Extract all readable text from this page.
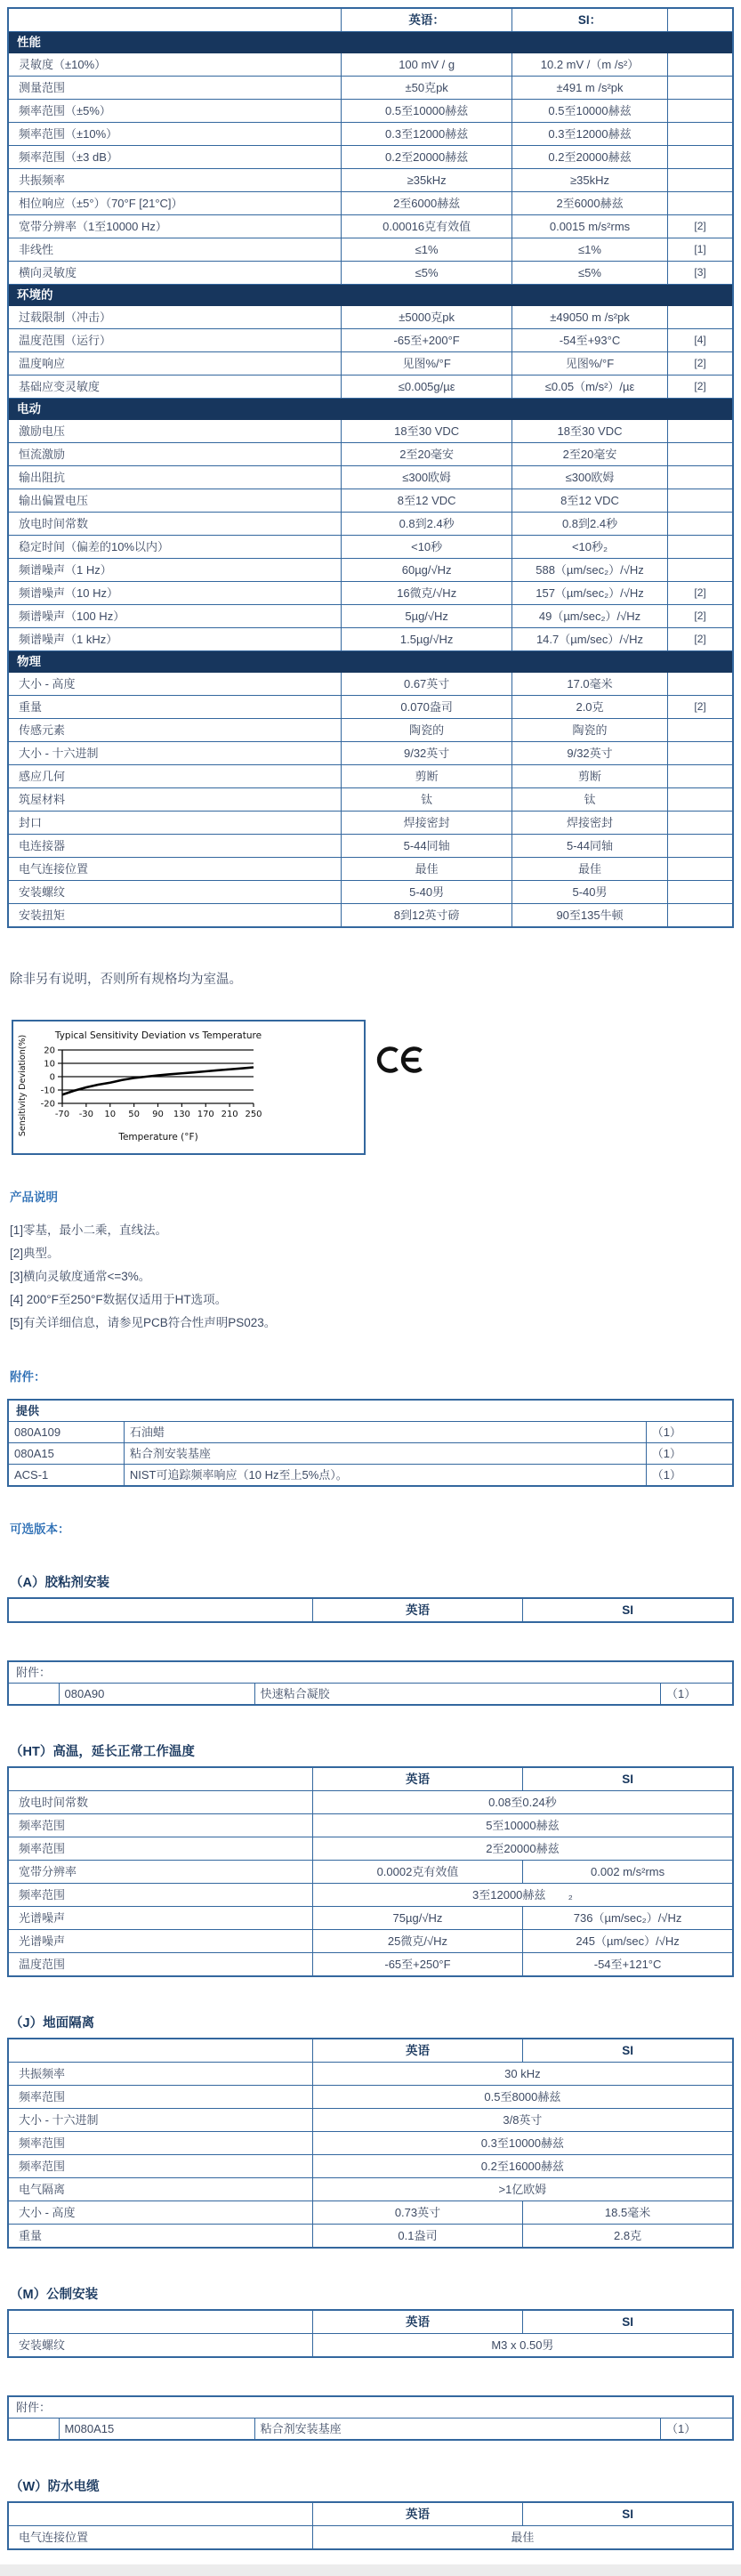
	英语：	SI：	
性能			
灵敏度（±10%）	100 mV / g	10.2 mV /（m /s²）	
测量范围	±50克pk	±491 m /s²pk	
频率范围（±5%）	0.5至10000赫兹	0.5至10000赫兹	
频率范围（±10%）	0.3至12000赫兹	0.3至12000赫兹	
频率范围（±3 dB）	0.2至20000赫兹	0.2至20000赫兹	
共振频率	≥35kHz	≥35kHz	
相位响应（±5°）（70°F [21°C]）	2至6000赫兹	2至6000赫兹	
宽带分辨率（1至10000 Hz）	0.00016克有效值	0.0015 m/s²rms	[2]
非线性	≤1%	≤1%	[1]
横向灵敏度	≤5%	≤5%	[3]
环境的			
过载限制（冲击）	±5000克pk	±49050 m /s²pk	
温度范围（运行）	-65至+200°F	-54至+93°C	[4]
温度响应	见图%/°F	见图%/°F	[2]
基础应变灵敏度	≤0.005g/µε	≤0.05（m/s²）/µε	[2]
电动			
激励电压	18至30 VDC	18至30 VDC	
恒流激励	2至20毫安	2至20毫安	
输出阻抗	≤300欧姆	≤300欧姆	
输出偏置电压	8至12 VDC	8至12 VDC	
放电时间常数	0.8到2.4秒	0.8到2.4秒	
稳定时间（偏差的10%以内）	<10秒	<10秒₂	
频谱噪声（1 Hz）	60µg/√Hz	588（µm/sec₂）/√Hz	
频谱噪声（10 Hz）	16微克/√Hz	157（µm/sec₂）/√Hz	[2]
频谱噪声（100 Hz）	5µg/√Hz	49（µm/sec₂）/√Hz	[2]
频谱噪声（1 kHz）	1.5µg/√Hz	14.7（µm/sec）/√Hz	[2]
物理			
大小 - 高度	0.67英寸	17.0毫米	
重量	0.070盎司	2.0克	[2]
传感元素	陶瓷的	陶瓷的	
大小 - 十六进制	9/32英寸	9/32英寸	
感应几何	剪断	剪断	
筑屋材料	钛	钛	
封口	焊接密封	焊接密封	
电连接器	5-44同轴	5-44同轴	
电气连接位置	最佳	最佳	
安装螺纹	5-40男	5-40男	
安装扭矩	8到12英寸磅	90至135牛顿	

除非另有说明，否则所有规格均为室温。

Typical Sensitivity Deviation vs Temperature
Sensitivity Deviation(%)
Temperature (°F)
20
10
0
-10
-20
-70 -30 10 50 90 130 170 210 250
产品说明
[1]零基，最小二乘，直线法。
[2]典型。
[3]横向灵敏度通常<=3%。
[4] 200°F至250°F数据仅适用于HT选项。
[5]有关详细信息，请参见PCB符合性声明PS023。
附件：
提供		
080A109	石油蜡	（1）
080A15	粘合剂安装基座	（1）
ACS-1	NIST可追踪频率响应（10 Hz至上5%点）。	（1）
可选版本：
（A）胶粘剂安装
	英语	SI
附件：
	080A90	快速粘合凝胶	（1）
（HT）高温，延长正常工作温度
	英语	SI
放电时间常数	0.08至0.24秒	
频率范围	5至10000赫兹	
频率范围	2至20000赫兹	
宽带分辨率	0.0002克有效值	0.002 m/s²rms
频率范围	3至12000赫兹       ₂	
光谱噪声	75µg/√Hz	736（µm/sec₂）/√Hz
光谱噪声	25微克/√Hz	245（µm/sec）/√Hz
温度范围	-65至+250°F	-54至+121°C
（J）地面隔离
	英语	SI
共振频率	30 kHz	
频率范围	0.5至8000赫兹	
大小 - 十六进制	3/8英寸	
频率范围	0.3至10000赫兹	
频率范围	0.2至16000赫兹	
电气隔离	>1亿欧姆	
大小 - 高度	0.73英寸	18.5毫米
重量	0.1盎司	2.8克
（M）公制安装
	英语	SI
安装螺纹	M3 x 0.50男	
附件：
	M080A15	粘合剂安装基座	（1）
（W）防水电缆
	英语	SI
电气连接位置	最佳	
